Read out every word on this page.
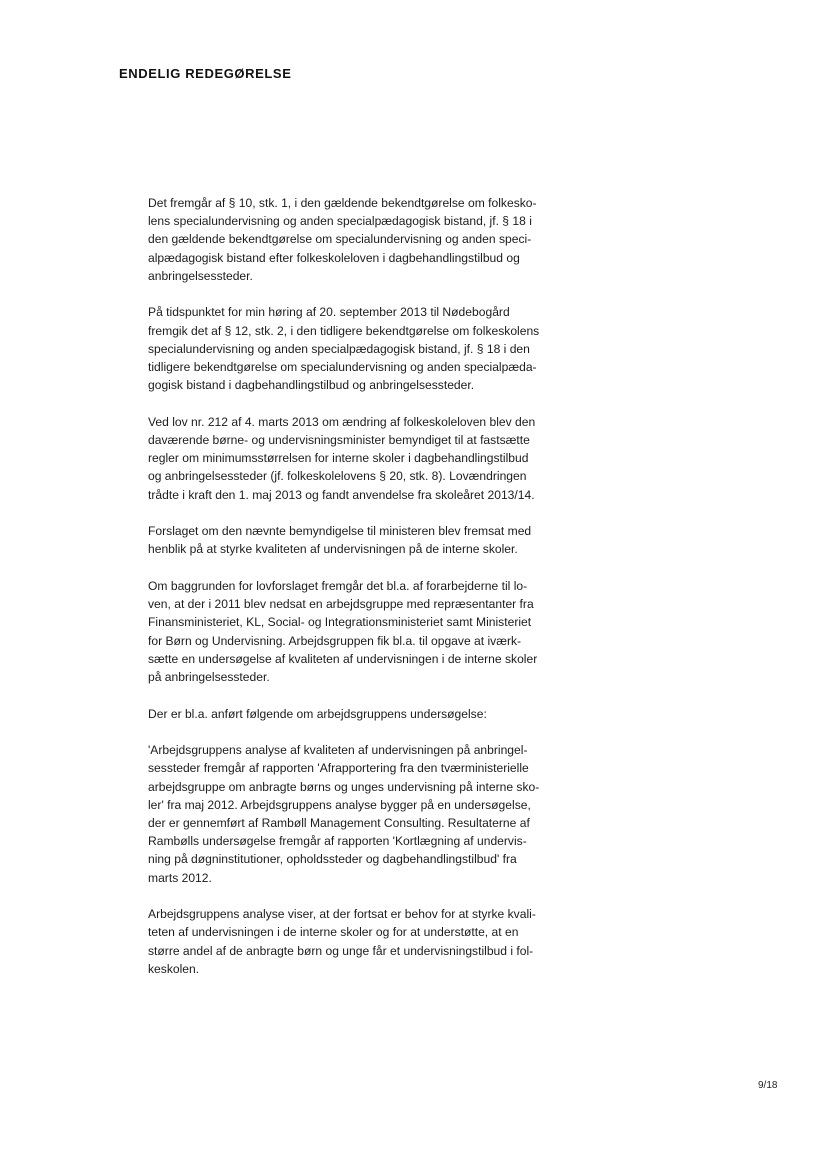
ENDELIG REDEGØRELSE

Det fremgår af § 10, stk. 1, i den gældende bekendtgørelse om folkesko-
lens specialundervisning og anden specialpædagogisk bistand, jf. § 18 i
den gældende bekendtgørelse om specialundervisning og anden speci-
alpædagogisk bistand efter folkeskoleloven i dagbehandlingstilbud og
anbringelsessteder.

På tidspunktet for min høring af 20. september 2013 til Nødebogård
fremgik det af § 12, stk. 2, i den tidligere bekendtgørelse om folkeskolens
specialundervisning og anden specialpædagogisk bistand, jf. § 18 i den
tidligere bekendtgørelse om specialundervisning og anden specialpæda-
gogisk bistand i dagbehandlingstilbud og anbringelsessteder.

Ved lov nr. 212 af 4. marts 2013 om ændring af folkeskoleloven blev den
daværende børne- og undervisningsminister bemyndiget til at fastsætte
regler om minimumsstørrelsen for interne skoler i dagbehandlingstilbud
og anbringelsessteder (jf. folkeskolelovens § 20, stk. 8). Lovændringen
trådte i kraft den 1. maj 2013 og fandt anvendelse fra skoleåret 2013/14.

Forslaget om den nævnte bemyndigelse til ministeren blev fremsat med
henblik på at styrke kvaliteten af undervisningen på de interne skoler.

Om baggrunden for lovforslaget fremgår det bl.a. af forarbejderne til lo-
ven, at der i 2011 blev nedsat en arbejdsgruppe med repræsentanter fra
Finansministeriet, KL, Social- og Integrationsministeriet samt Ministeriet
for Børn og Undervisning. Arbejdsgruppen fik bl.a. til opgave at iværk-
sætte en undersøgelse af kvaliteten af undervisningen i de interne skoler
på anbringelsessteder.

Der er bl.a. anført følgende om arbejdsgruppens undersøgelse:

'Arbejdsgruppens analyse af kvaliteten af undervisningen på anbringel-
sessteder fremgår af rapporten 'Afrapportering fra den tværministerielle
arbejdsgruppe om anbragte børns og unges undervisning på interne sko-
ler' fra maj 2012. Arbejdsgruppens analyse bygger på en undersøgelse,
der er gennemført af Rambøll Management Consulting. Resultaterne af
Rambølls undersøgelse fremgår af rapporten 'Kortlægning af undervis-
ning på døgninstitutioner, opholdssteder og dagbehandlingstilbud' fra
marts 2012.

Arbejdsgruppens analyse viser, at der fortsat er behov for at styrke kvali-
teten af undervisningen i de interne skoler og for at understøtte, at en
større andel af de anbragte børn og unge får et undervisningstilbud i fol-
keskolen.

9/18
